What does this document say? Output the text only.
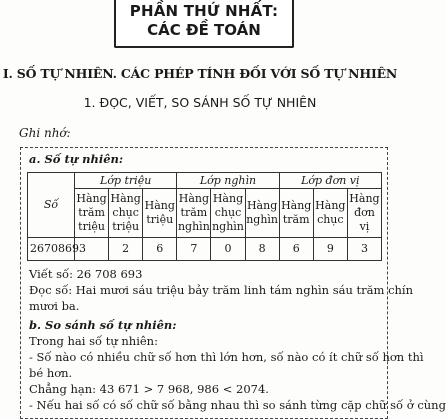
PHẦN THỨ NHẤT:
CÁC ĐỀ TOÁN
I. SỐ TỰ NHIÊN. CÁC PHÉP TÍNH ĐỐI VỚI SỐ TỰ NHIÊN
1. ĐỌC, VIẾT, SO SÁNH SỐ TỰ NHIÊN
Ghi nhớ:
a. Số tự nhiên:
Số	Lớp triệu			Lớp nghìn			Lớp đơn vị		
	Hàng trăm triệu	Hàng chục triệu	Hàng triệu	Hàng trăm nghìn	Hàng chục nghìn	Hàng nghìn	Hàng trăm	Hàng chục	Hàng đơn vị
26708693		2	6	7	0	8	6	9	3
Viết số: 26 708 693
Đọc số: Hai mươi sáu triệu bảy trăm linh tám nghìn sáu trăm chín
mươi ba.
b. So sánh số tự nhiên:
Trong hai số tự nhiên:
- Số nào có nhiều chữ số hơn thì lớn hơn, số nào có ít chữ số hơn thì
bé hơn.
Chẳng hạn: 43 671 > 7 968, 986 < 2074.
- Nếu hai số có số chữ số bằng nhau thì so sánh từng cặp chữ số ở cùng
